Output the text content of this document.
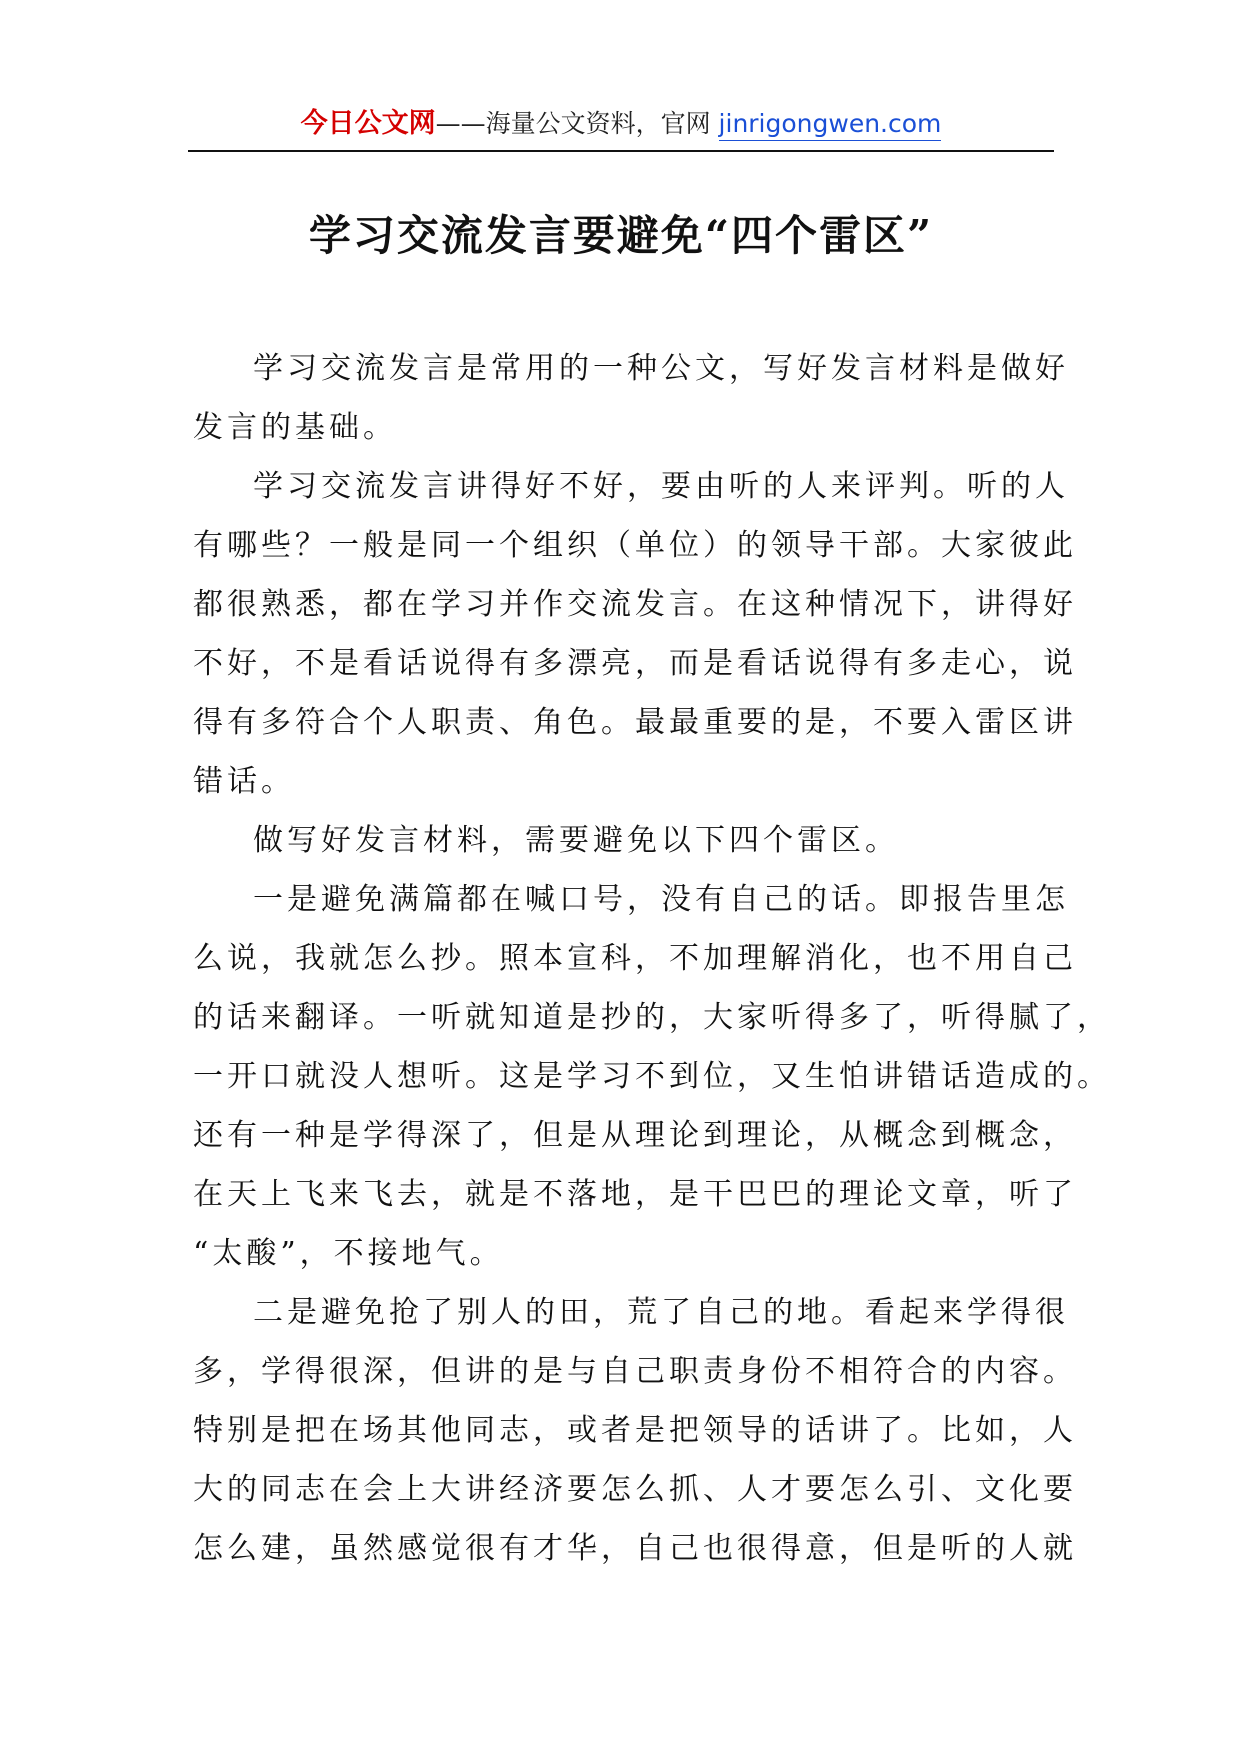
今日公文网——海量公文资料，官网 jinrigongwen.com
学习交流发言要避免“四个雷区”

学习交流发言是常用的一种公文，写好发言材料是做好
发言的基础。

学习交流发言讲得好不好，要由听的人来评判。听的人
有哪些？一般是同一个组织（单位）的领导干部。大家彼此
都很熟悉，都在学习并作交流发言。在这种情况下，讲得好
不好，不是看话说得有多漂亮，而是看话说得有多走心，说
得有多符合个人职责、角色。最最重要的是，不要入雷区讲
错话。

做写好发言材料，需要避免以下四个雷区。

一是避免满篇都在喊口号，没有自己的话。即报告里怎
么说，我就怎么抄。照本宣科，不加理解消化，也不用自己
的话来翻译。一听就知道是抄的，大家听得多了，听得腻了，
一开口就没人想听。这是学习不到位，又生怕讲错话造成的。
还有一种是学得深了，但是从理论到理论，从概念到概念，
在天上飞来飞去，就是不落地，是干巴巴的理论文章，听了
“太酸”，不接地气。

二是避免抢了别人的田，荒了自己的地。看起来学得很
多，学得很深，但讲的是与自己职责身份不相符合的内容。
特别是把在场其他同志，或者是把领导的话讲了。比如，人
大的同志在会上大讲经济要怎么抓、人才要怎么引、文化要
怎么建，虽然感觉很有才华，自己也很得意，但是听的人就
